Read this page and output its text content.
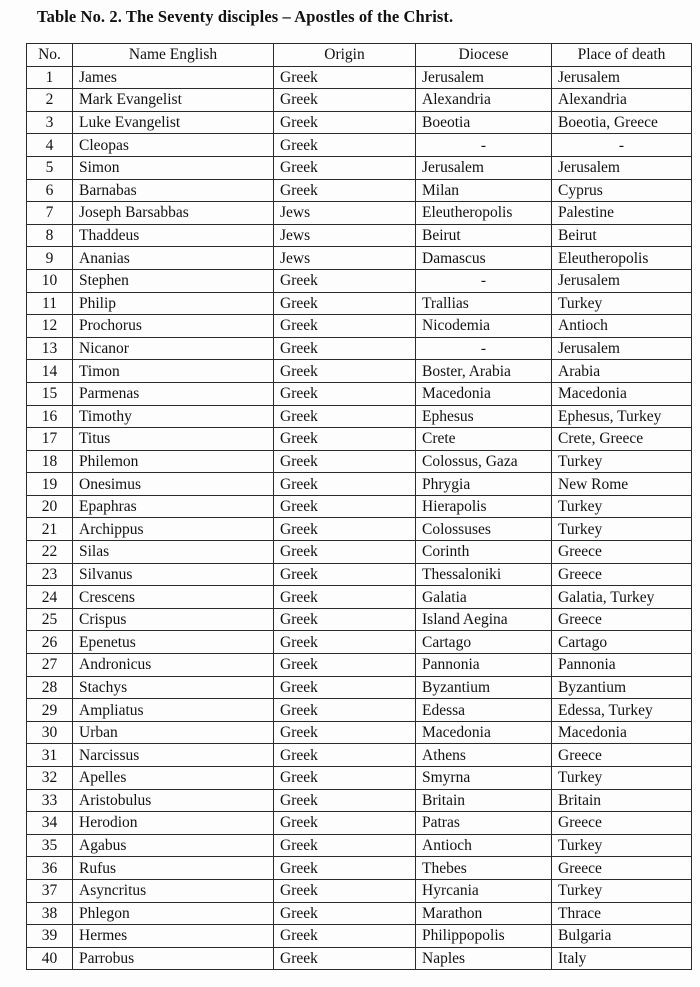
Table No. 2. The Seventy disciples – Apostles of the Christ.
No.	Name English	Origin	Diocese	Place of death
1	James	Greek	Jerusalem	Jerusalem
2	Mark Evangelist	Greek	Alexandria	Alexandria
3	Luke Evangelist	Greek	Boeotia	Boeotia, Greece
4	Cleopas	Greek	-	-
5	Simon	Greek	Jerusalem	Jerusalem
6	Barnabas	Greek	Milan	Cyprus
7	Joseph Barsabbas	Jews	Eleutheropolis	Palestine
8	Thaddeus	Jews	Beirut	Beirut
9	Ananias	Jews	Damascus	Eleutheropolis
10	Stephen	Greek	-	Jerusalem
11	Philip	Greek	Trallias	Turkey
12	Prochorus	Greek	Nicodemia	Antioch
13	Nicanor	Greek	-	Jerusalem
14	Timon	Greek	Boster, Arabia	Arabia
15	Parmenas	Greek	Macedonia	Macedonia
16	Timothy	Greek	Ephesus	Ephesus, Turkey
17	Titus	Greek	Crete	Crete, Greece
18	Philemon	Greek	Colossus, Gaza	Turkey
19	Onesimus	Greek	Phrygia	New Rome
20	Epaphras	Greek	Hierapolis	Turkey
21	Archippus	Greek	Colossuses	Turkey
22	Silas	Greek	Corinth	Greece
23	Silvanus	Greek	Thessaloniki	Greece
24	Crescens	Greek	Galatia	Galatia, Turkey
25	Crispus	Greek	Island Aegina	Greece
26	Epenetus	Greek	Cartago	Cartago
27	Andronicus	Greek	Pannonia	Pannonia
28	Stachys	Greek	Byzantium	Byzantium
29	Ampliatus	Greek	Edessa	Edessa, Turkey
30	Urban	Greek	Macedonia	Macedonia
31	Narcissus	Greek	Athens	Greece
32	Apelles	Greek	Smyrna	Turkey
33	Aristobulus	Greek	Britain	Britain
34	Herodion	Greek	Patras	Greece
35	Agabus	Greek	Antioch	Turkey
36	Rufus	Greek	Thebes	Greece
37	Asyncritus	Greek	Hyrcania	Turkey
38	Phlegon	Greek	Marathon	Thrace
39	Hermes	Greek	Philippopolis	Bulgaria
40	Parrobus	Greek	Naples	Italy
